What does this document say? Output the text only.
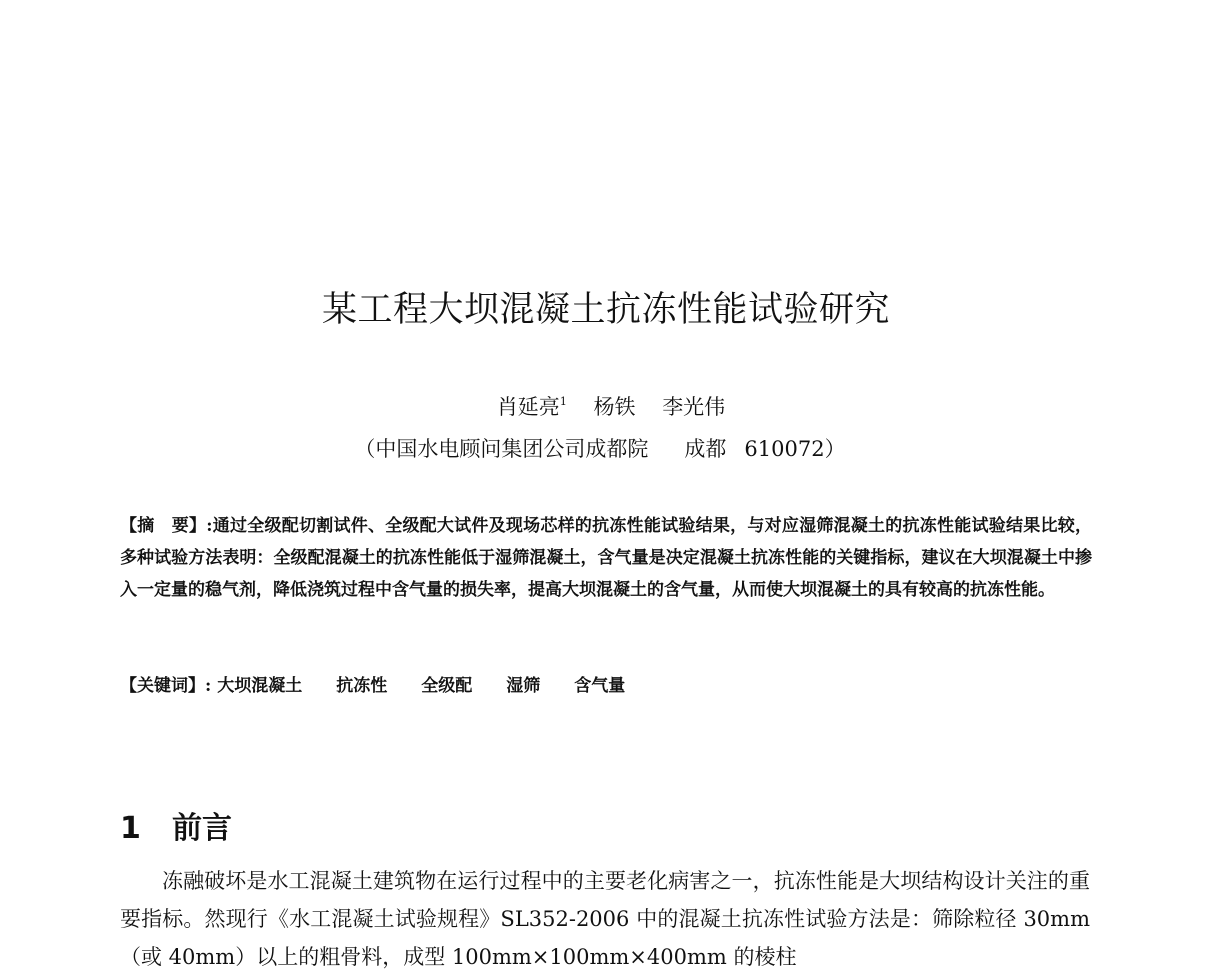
某工程大坝混凝土抗冻性能试验研究

肖延亮$^1$ 杨铁 李光伟

（中国水电顾问集团公司成都院 成都 610072）

【摘　要】:通过全级配切割试件、全级配大试件及现场芯样的抗冻性能试验结果，与对应湿筛混凝土的抗冻性能试验结果比较，多种试验方法表明：全级配混凝土的抗冻性能低于湿筛混凝土，含气量是决定混凝土抗冻性能的关键指标，建议在大坝混凝土中掺入一定量的稳气剂，降低浇筑过程中含气量的损失率，提高大坝混凝土的含气量，从而使大坝混凝土的具有较高的抗冻性能。

【关键词】: 大坝混凝土 抗冻性 全级配 湿筛 含气量

1 前言

冻融破坏是水工混凝土建筑物在运行过程中的主要老化病害之一，抗冻性能是大坝结构设计关注的重要指标。然现行《水工混凝土试验规程》SL352-2006 中的混凝土抗冻性试验方法是：筛除粒径 30mm（或 40mm）以上的粗骨料，成型 100mm×100mm×400mm 的棱柱
